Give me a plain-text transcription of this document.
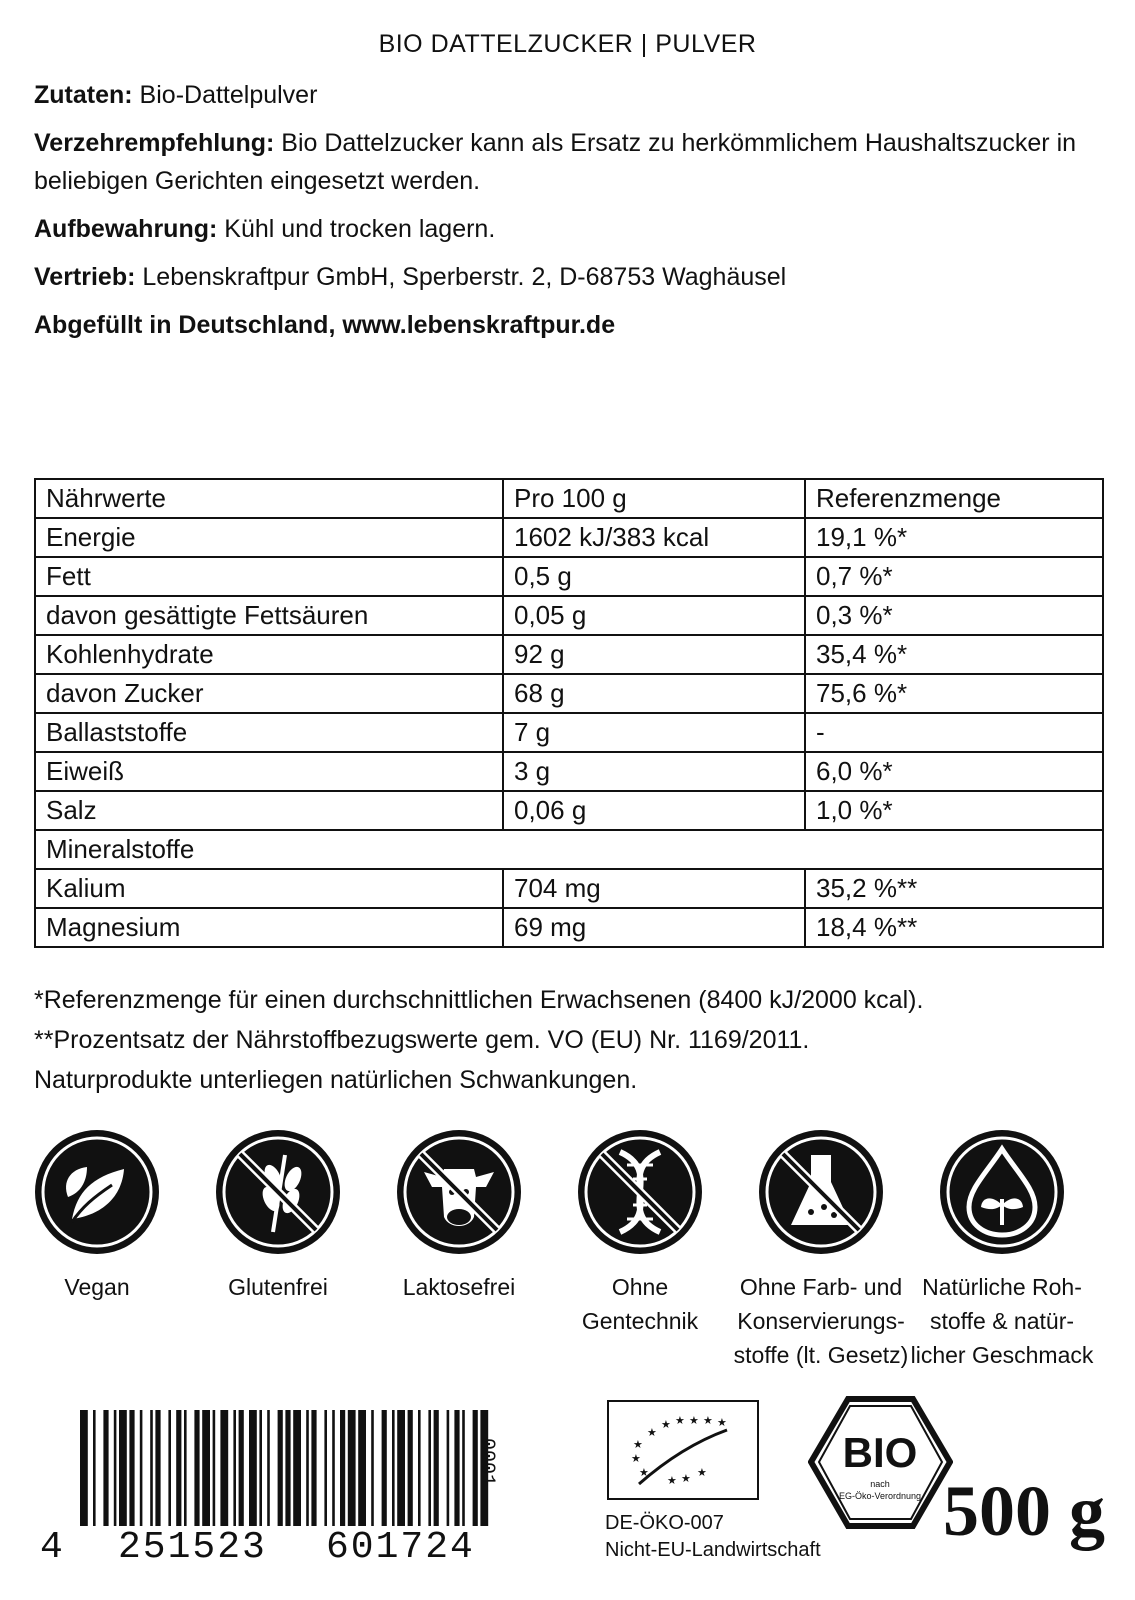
BIO DATTELZUCKER | PULVER
Zutaten: Bio-Dattelpulver
Verzehrempfehlung: Bio Dattelzucker kann als Ersatz zu herkömmlichem Haushaltszucker in beliebigen Gerichten eingesetzt werden.
Aufbewahrung: Kühl und trocken lagern.
Vertrieb: Lebenskraftpur GmbH, Sperberstr. 2, D-68753 Waghäusel
Abgefüllt in Deutschland, www.lebenskraftpur.de
Nährwerte	Pro 100 g	Referenzmenge
Energie	1602 kJ/383 kcal	19,1 %*
Fett	0,5 g	0,7 %*
davon gesättigte Fettsäuren	0,05 g	0,3 %*
Kohlenhydrate	92 g	35,4 %*
davon Zucker	68 g	75,6 %*
Ballaststoffe	7 g	-
Eiweiß	3 g	6,0 %*
Salz	0,06 g	1,0 %*
Mineralstoffe		
Kalium	704 mg	35,2 %**
Magnesium	69 mg	18,4 %**
*Referenzmenge für einen durchschnittlichen Erwachsenen (8400 kJ/2000 kcal).
**Prozentsatz der Nährstoffbezugswerte gem. VO (EU) Nr. 1169/2011.
Naturprodukte unterliegen natürlichen Schwankungen.
Vegan	Glutenfrei	Laktosefrei	Ohne
Gentechnik
Ohne Farb- und
Konservierungs-
stoffe (lt. Gesetz)
Natürliche Roh-
stoffe & natür-
licher Geschmack
4 251523 601724
0001
★ ★ ★ ★ ★
★
★
★
★
★ ★ ★
DE-ÖKO-007
Nicht-EU-Landwirtschaft
BIO
nach
EG-Öko-Verordnung 500 g
